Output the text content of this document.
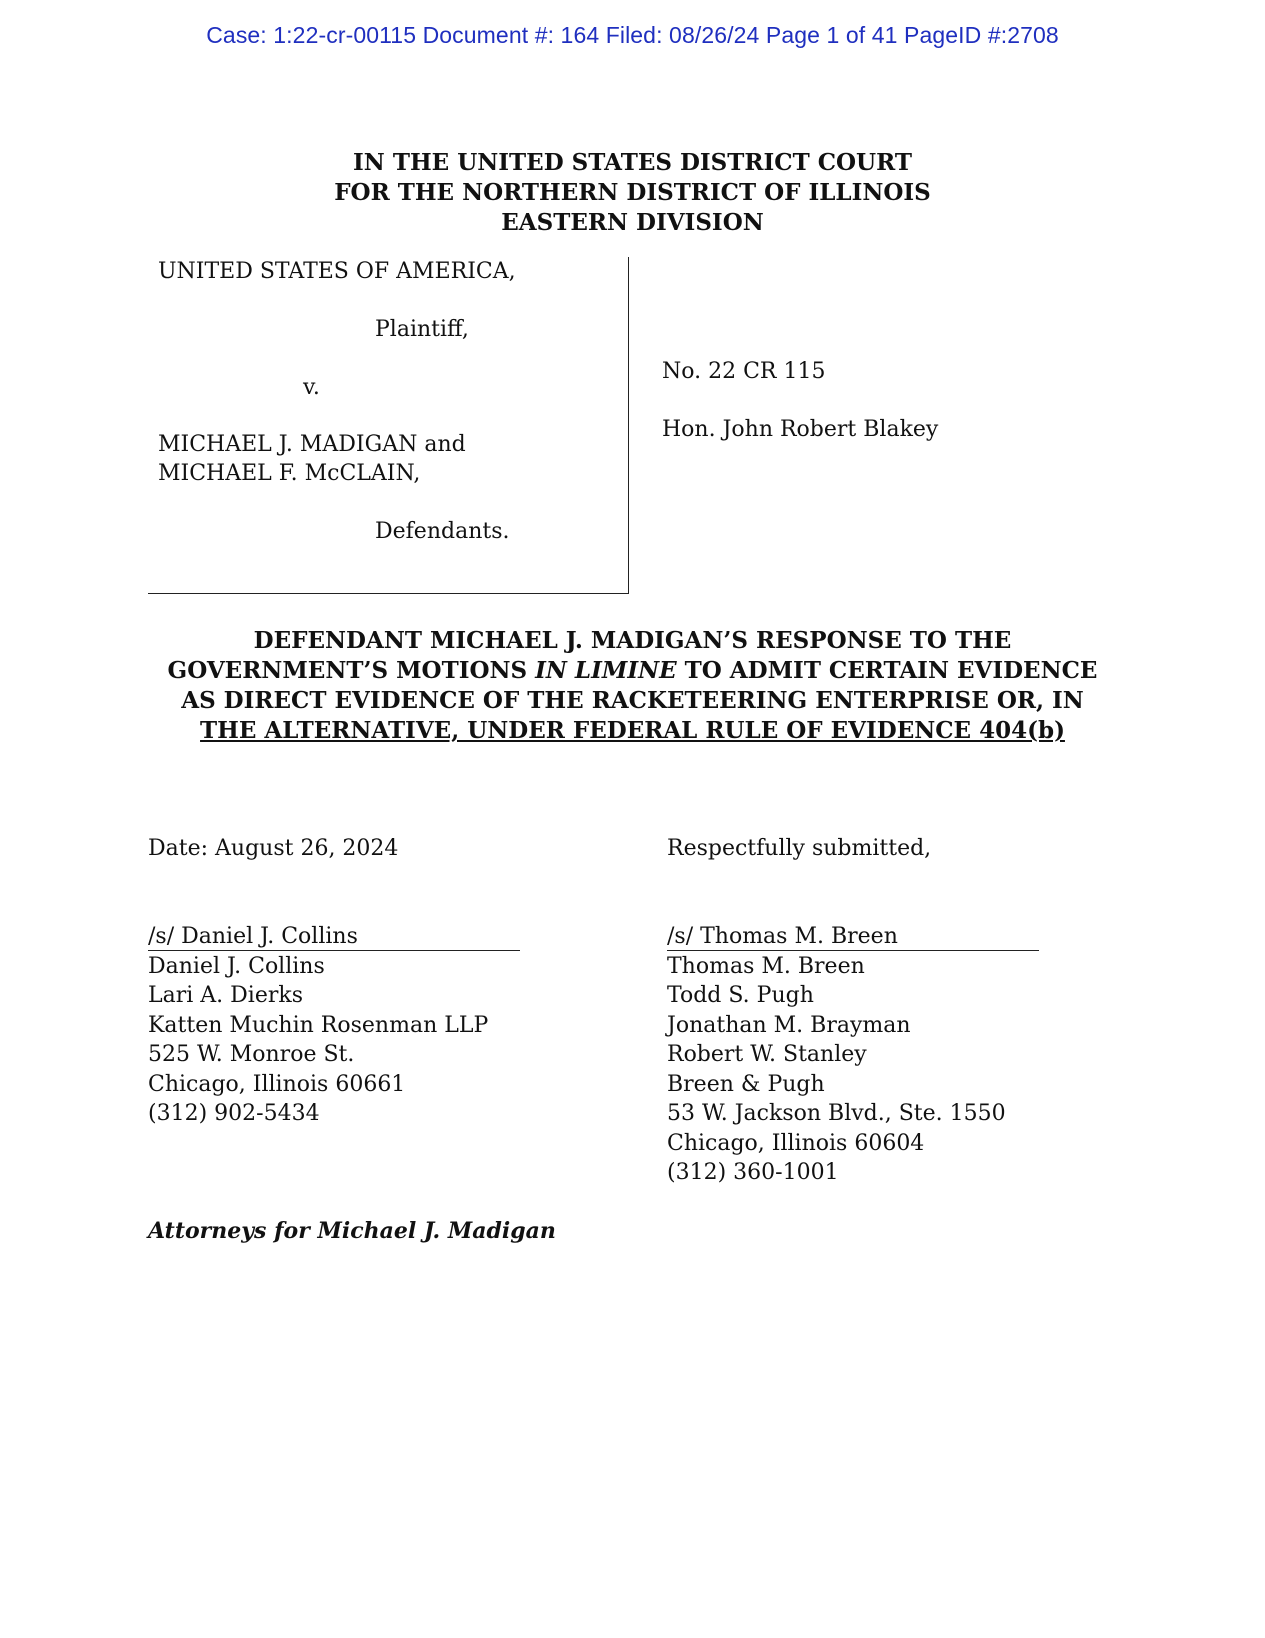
Case: 1:22-cr-00115 Document #: 164 Filed: 08/26/24 Page 1 of 41 PageID #:2708
IN THE UNITED STATES DISTRICT COURT
FOR THE NORTHERN DISTRICT OF ILLINOIS
EASTERN DIVISION
UNITED STATES OF AMERICA,
Plaintiff,
v.
MICHAEL J. MADIGAN and
MICHAEL F. McCLAIN,
Defendants.
No. 22 CR 115
Hon. John Robert Blakey
DEFENDANT MICHAEL J. MADIGAN’S RESPONSE TO THE
GOVERNMENT’S MOTIONS IN LIMINE TO ADMIT CERTAIN EVIDENCE
AS DIRECT EVIDENCE OF THE RACKETEERING ENTERPRISE OR, IN
THE ALTERNATIVE, UNDER FEDERAL RULE OF EVIDENCE 404(b)
Date: August 26, 2024	Respectfully submitted,
/s/ Daniel J. Collins
Daniel J. Collins
Lari A. Dierks
Katten Muchin Rosenman LLP
525 W. Monroe St.
Chicago, Illinois 60661
(312) 902-5434
/s/ Thomas M. Breen
Thomas M. Breen
Todd S. Pugh
Jonathan M. Brayman
Robert W. Stanley
Breen & Pugh
53 W. Jackson Blvd., Ste. 1550
Chicago, Illinois 60604
(312) 360-1001
Attorneys for Michael J. Madigan
